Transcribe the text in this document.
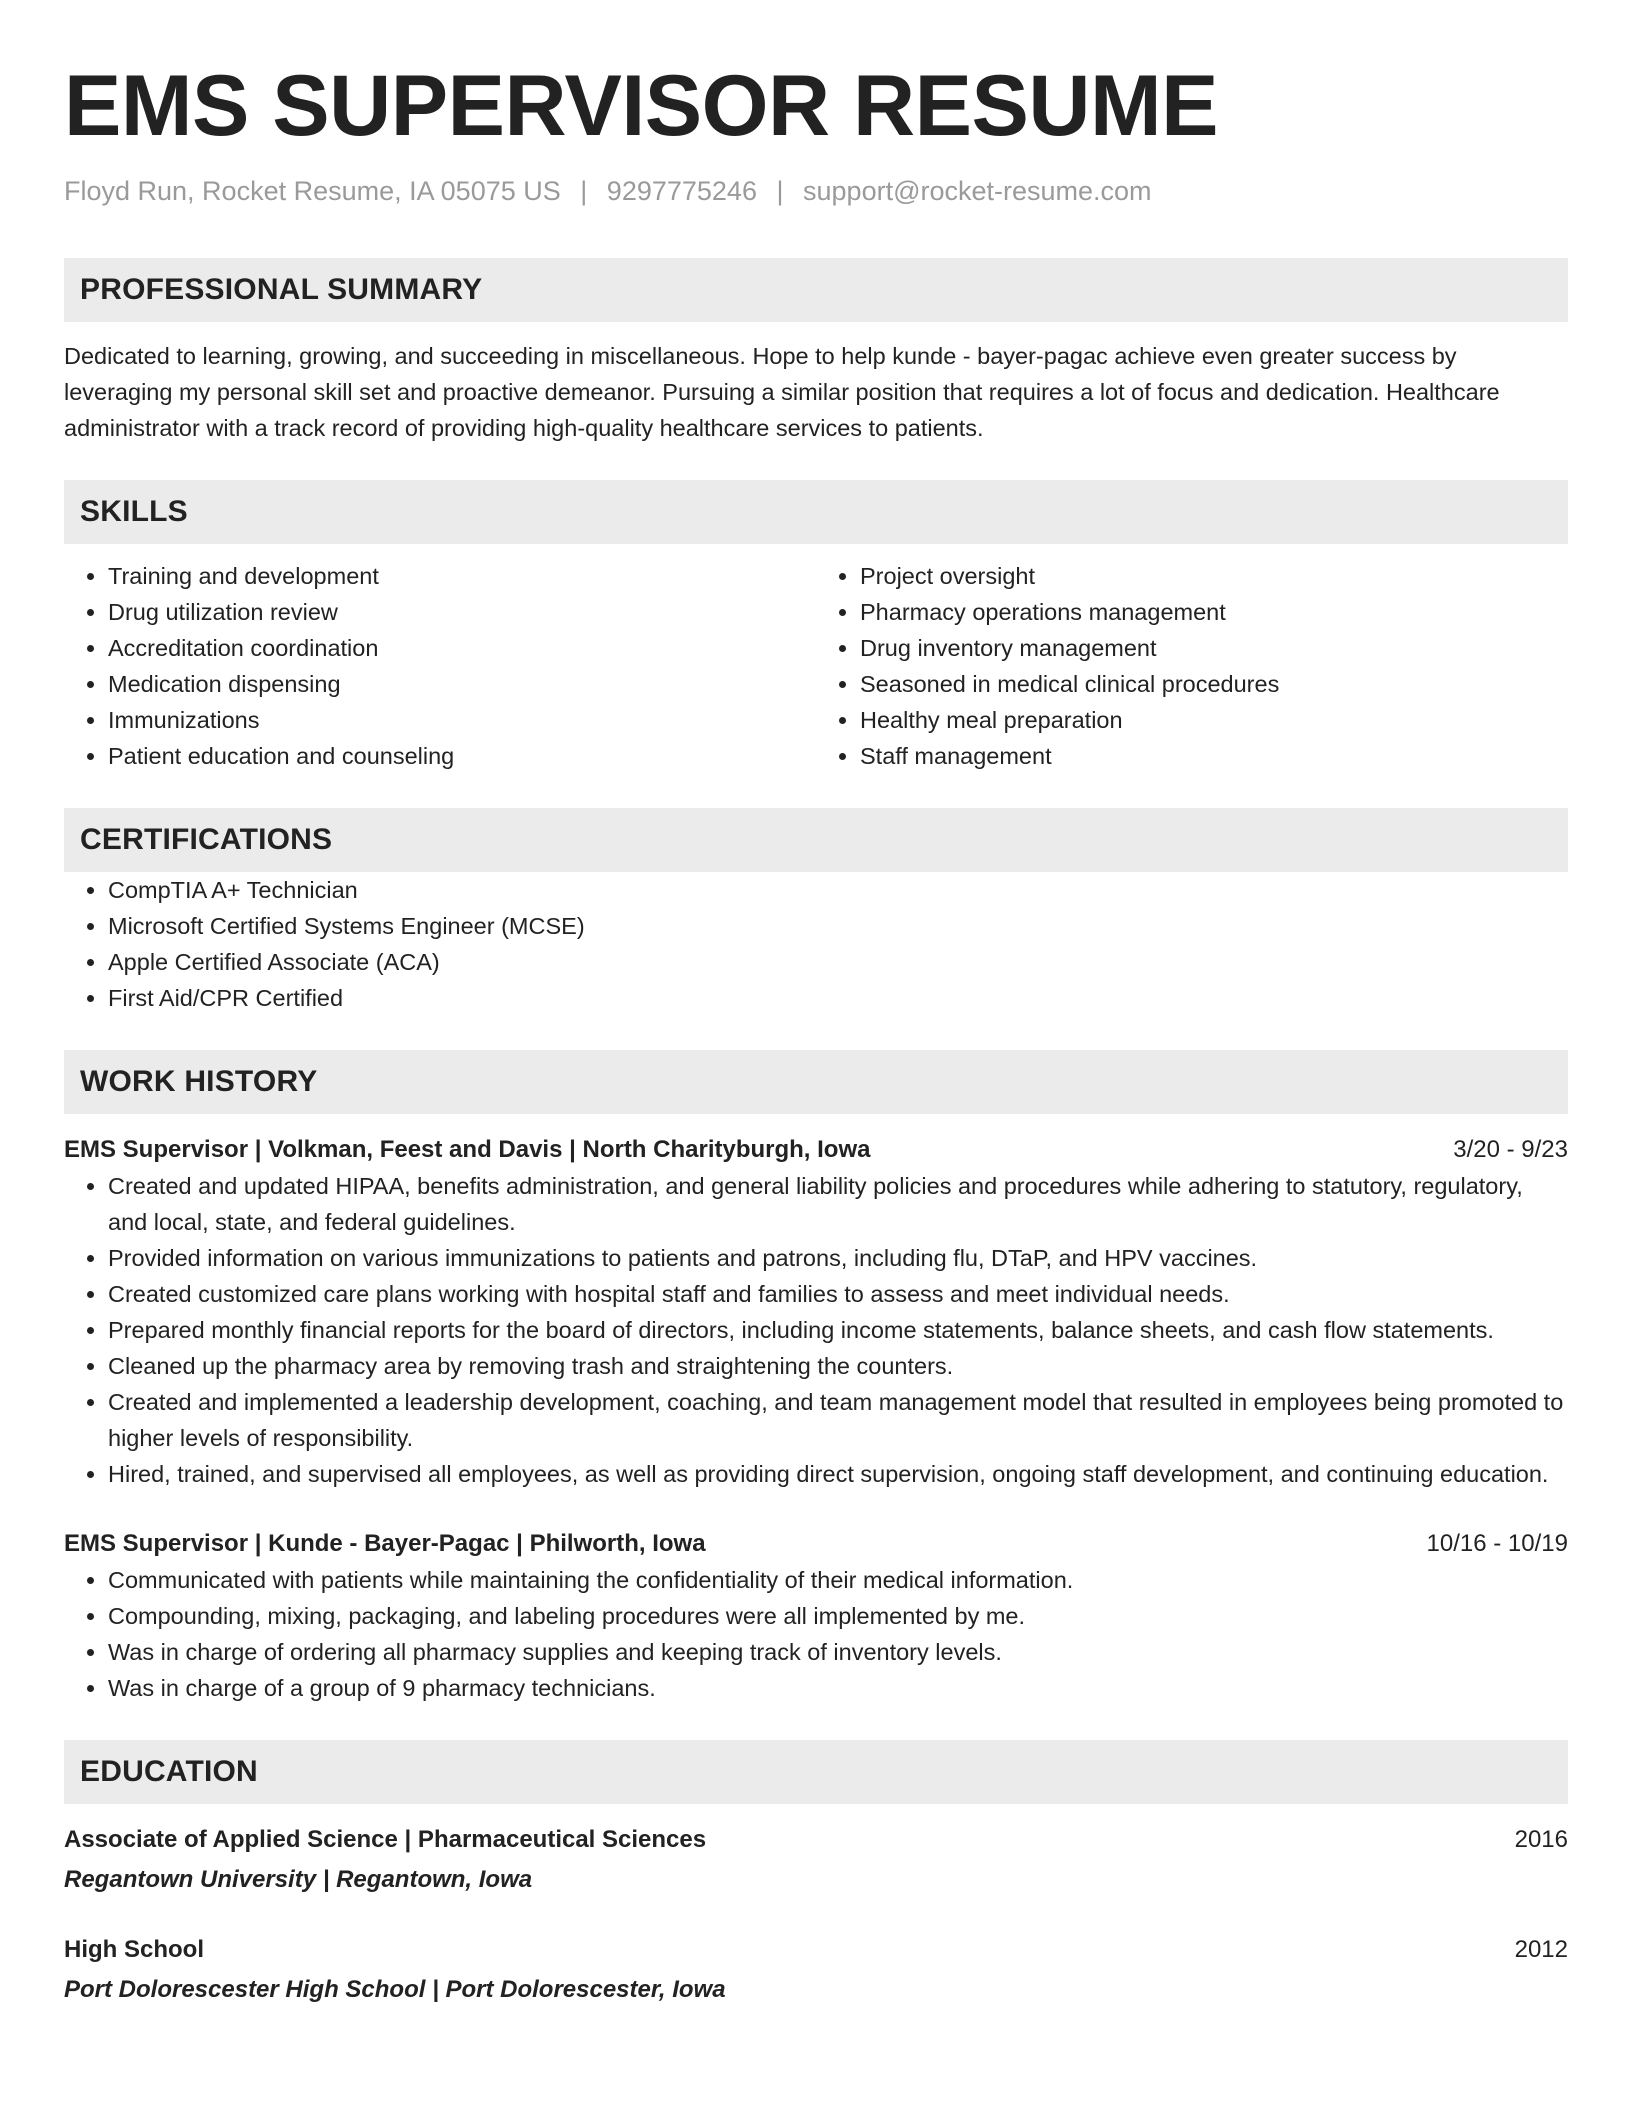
EMS SUPERVISOR RESUME
Floyd Run, Rocket Resume, IA 05075 US | 9297775246 | support@rocket-resume.com
PROFESSIONAL SUMMARY
Dedicated to learning, growing, and succeeding in miscellaneous. Hope to help kunde - bayer-pagac achieve even greater success by leveraging my personal skill set and proactive demeanor. Pursuing a similar position that requires a lot of focus and dedication. Healthcare administrator with a track record of providing high-quality healthcare services to patients.
SKILLS
• Training and development
• Drug utilization review
• Accreditation coordination
• Medication dispensing
• Immunizations
• Patient education and counseling
• Project oversight
• Pharmacy operations management
• Drug inventory management
• Seasoned in medical clinical procedures
• Healthy meal preparation
• Staff management
CERTIFICATIONS
• CompTIA A+ Technician
• Microsoft Certified Systems Engineer (MCSE)
• Apple Certified Associate (ACA)
• First Aid/CPR Certified
WORK HISTORY
EMS Supervisor | Volkman, Feest and Davis | North Charityburgh, Iowa	3/20 - 9/23
• Created and updated HIPAA, benefits administration, and general liability policies and procedures while adhering to statutory, regulatory, and local, state, and federal guidelines.
• Provided information on various immunizations to patients and patrons, including flu, DTaP, and HPV vaccines.
• Created customized care plans working with hospital staff and families to assess and meet individual needs.
• Prepared monthly financial reports for the board of directors, including income statements, balance sheets, and cash flow statements.
• Cleaned up the pharmacy area by removing trash and straightening the counters.
• Created and implemented a leadership development, coaching, and team management model that resulted in employees being promoted to higher levels of responsibility.
• Hired, trained, and supervised all employees, as well as providing direct supervision, ongoing staff development, and continuing education.
EMS Supervisor | Kunde - Bayer-Pagac | Philworth, Iowa	10/16 - 10/19
• Communicated with patients while maintaining the confidentiality of their medical information.
• Compounding, mixing, packaging, and labeling procedures were all implemented by me.
• Was in charge of ordering all pharmacy supplies and keeping track of inventory levels.
• Was in charge of a group of 9 pharmacy technicians.
EDUCATION
Associate of Applied Science | Pharmaceutical Sciences	2016
Regantown University | Regantown, Iowa
High School	2012
Port Dolorescester High School | Port Dolorescester, Iowa
